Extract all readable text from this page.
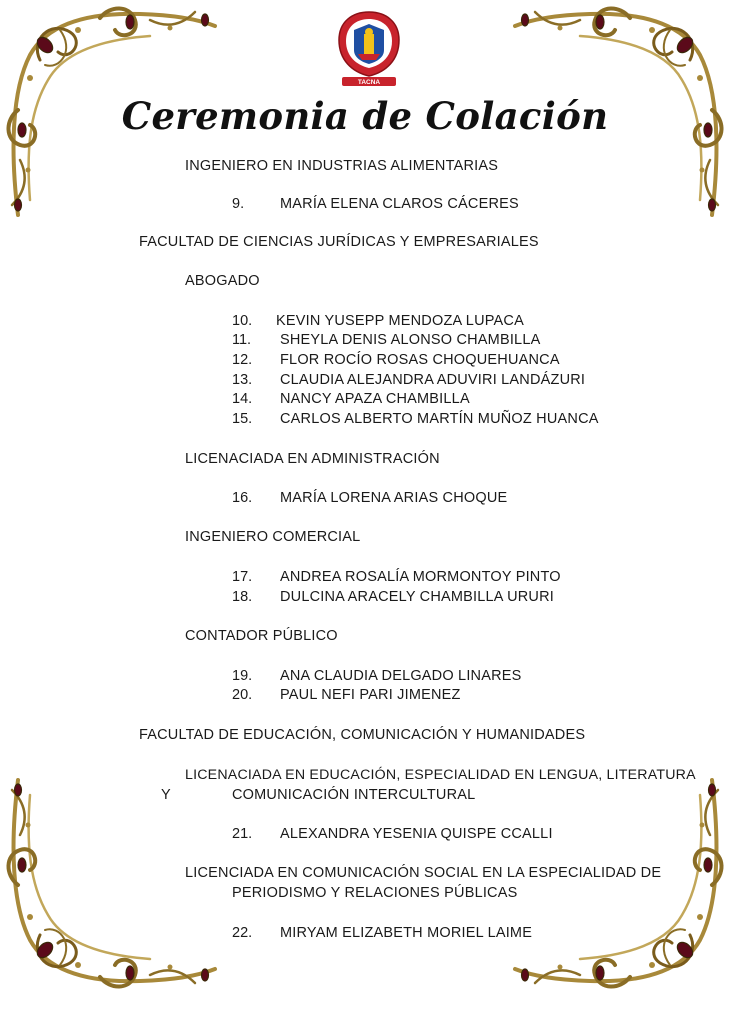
TACNA
Ceremonia de Colación
INGENIERO EN INDUSTRIAS ALIMENTARIAS
9. MARÍA ELENA CLAROS CÁCERES
FACULTAD DE CIENCIAS JURÍDICAS Y EMPRESARIALES
ABOGADO
10. KEVIN YUSEPP MENDOZA LUPACA
11. SHEYLA DENIS ALONSO CHAMBILLA
12. FLOR ROCÍO ROSAS CHOQUEHUANCA
13. CLAUDIA ALEJANDRA ADUVIRI LANDÁZURI
14. NANCY APAZA CHAMBILLA
15. CARLOS ALBERTO MARTÍN MUÑOZ HUANCA
LICENACIADA EN ADMINISTRACIÓN
16. MARÍA LORENA ARIAS CHOQUE
INGENIERO COMERCIAL
17. ANDREA ROSALÍA MORMONTOY PINTO
18. DULCINA ARACELY CHAMBILLA URURI
CONTADOR PÚBLICO
19. ANA CLAUDIA DELGADO LINARES
20. PAUL NEFI PARI JIMENEZ
FACULTAD DE EDUCACIÓN, COMUNICACIÓN Y HUMANIDADES
LICENACIADA EN EDUCACIÓN, ESPECIALIDAD EN LENGUA, LITERATURA
Y	COMUNICACIÓN INTERCULTURAL
21. ALEXANDRA YESENIA QUISPE CCALLI
LICENCIADA EN COMUNICACIÓN SOCIAL EN LA ESPECIALIDAD DE
PERIODISMO Y RELACIONES PÚBLICAS
22. MIRYAM ELIZABETH MORIEL LAIME
